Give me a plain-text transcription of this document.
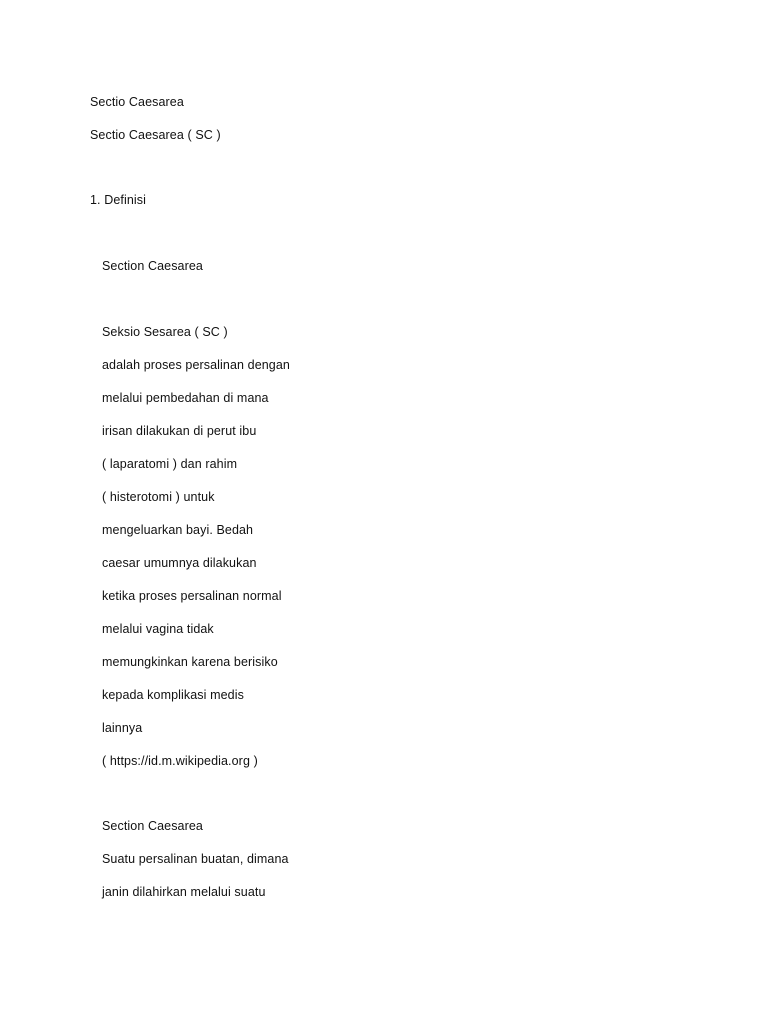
Sectio Caesarea
Sectio Caesarea ( SC )
1. Definisi
Section Caesarea
Seksio Sesarea ( SC )
adalah proses persalinan dengan
melalui pembedahan di mana
irisan dilakukan di perut ibu
( laparatomi ) dan rahim
( histerotomi ) untuk
mengeluarkan bayi. Bedah
caesar umumnya dilakukan
ketika proses persalinan normal
melalui vagina tidak
memungkinkan karena berisiko
kepada komplikasi medis
lainnya
( https://id.m.wikipedia.org )
Section Caesarea
Suatu persalinan buatan, dimana
janin dilahirkan melalui suatu
